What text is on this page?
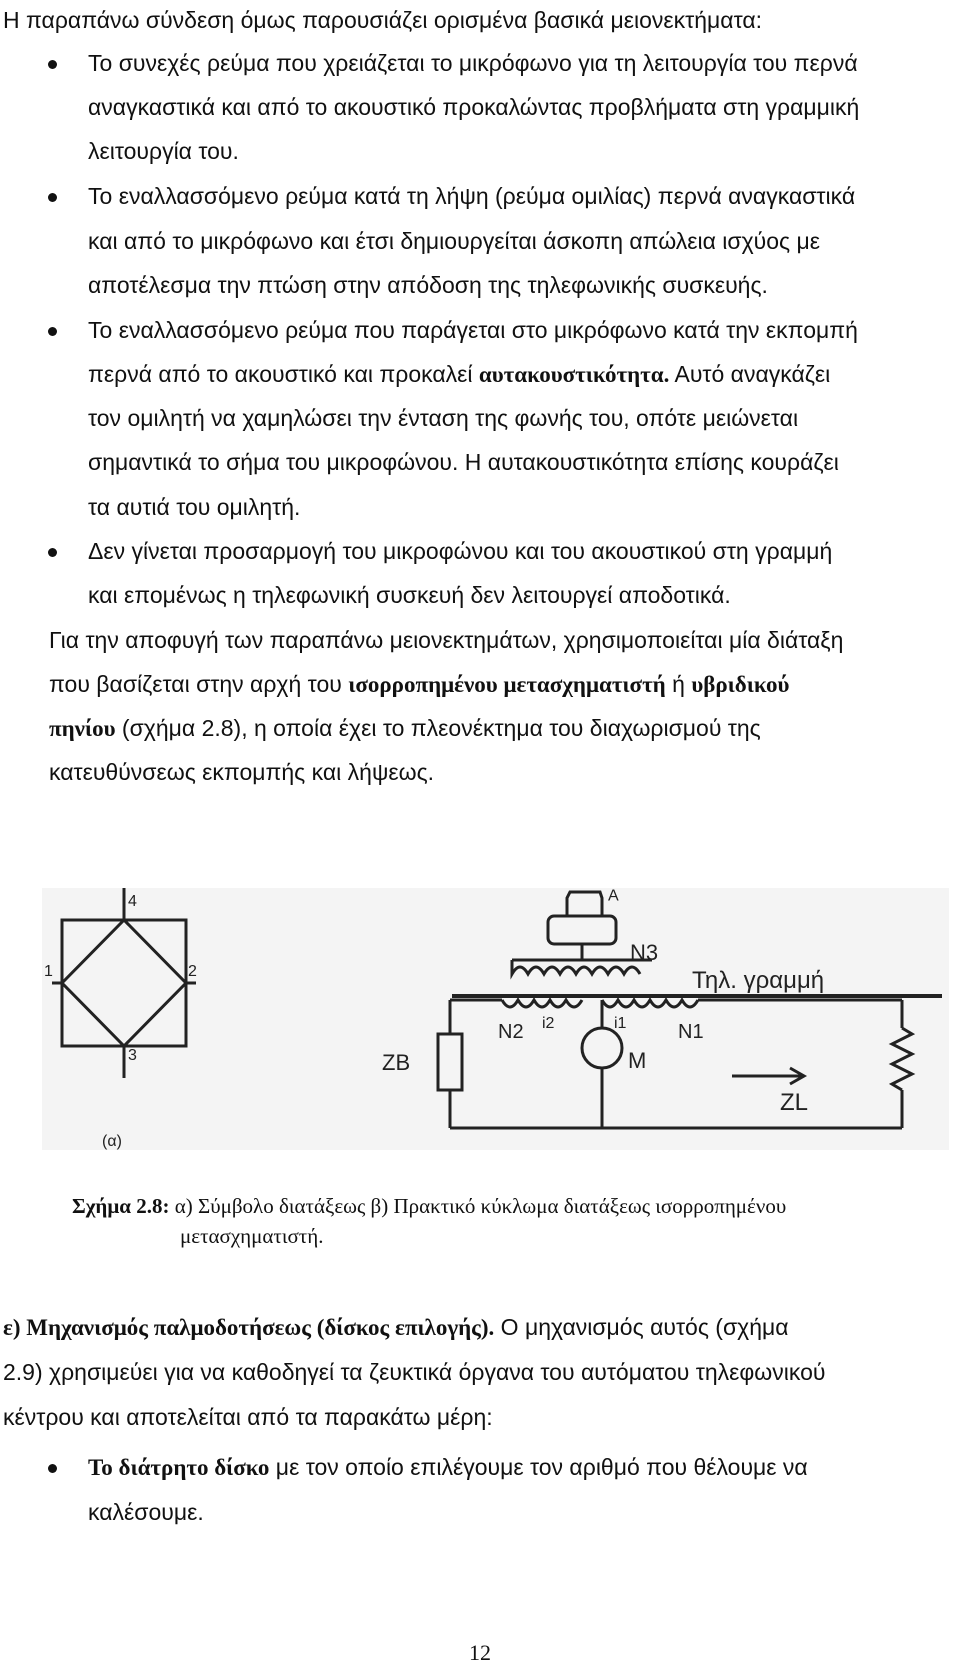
Η παραπάνω σύνδεση όμως παρουσιάζει ορισμένα βασικά μειονεκτήματα:
Το συνεχές ρεύμα που χρειάζεται το μικρόφωνο για τη λειτουργία του περνά
αναγκαστικά και από το ακουστικό προκαλώντας προβλήματα στη γραμμική
λειτουργία του.
Το εναλλασσόμενο ρεύμα κατά τη λήψη (ρεύμα ομιλίας) περνά αναγκαστικά
και από το μικρόφωνο και έτσι δημιουργείται άσκοπη απώλεια ισχύος με
αποτέλεσμα την πτώση στην απόδοση της τηλεφωνικής συσκευής.
Το εναλλασσόμενο ρεύμα που παράγεται στο μικρόφωνο κατά την εκπομπή
περνά από το ακουστικό και προκαλεί αυτακουστικότητα. Αυτό αναγκάζει
τον ομιλητή να χαμηλώσει την ένταση της φωνής του, οπότε μειώνεται
σημαντικά το σήμα του μικροφώνου. Η αυτακουστικότητα επίσης κουράζει
τα αυτιά του ομιλητή.
Δεν γίνεται προσαρμογή του μικροφώνου και του ακουστικού στη γραμμή
και επομένως η τηλεφωνική συσκευή δεν λειτουργεί αποδοτικά.
Για την αποφυγή των παραπάνω μειονεκτημάτων, χρησιμοποιείται μία διάταξη
που βασίζεται στην αρχή του ισορροπημένου μετασχηματιστή ή υβριδικού
πηνίου (σχήμα 2.8), η οποία έχει το πλεονέκτημα του διαχωρισμού της
κατευθύνσεως εκπομπής και λήψεως.
4
1	2
3
(α)
A
N3
Τηλ. γραμμή
N2 i2	i1	N1
ZB	M
ZL
Σχήμα 2.8: α) Σύμβολο διατάξεως β) Πρακτικό κύκλωμα διατάξεως ισορροπημένου
μετασχηματιστή.
ε) Μηχανισμός παλμοδοτήσεως (δίσκος επιλογής). Ο μηχανισμός αυτός (σχήμα
2.9) χρησιμεύει για να καθοδηγεί τα ζευκτικά όργανα του αυτόματου τηλεφωνικού
κέντρου και αποτελείται από τα παρακάτω μέρη:
Το διάτρητο δίσκο με τον οποίο επιλέγουμε τον αριθμό που θέλουμε να
καλέσουμε.
12
